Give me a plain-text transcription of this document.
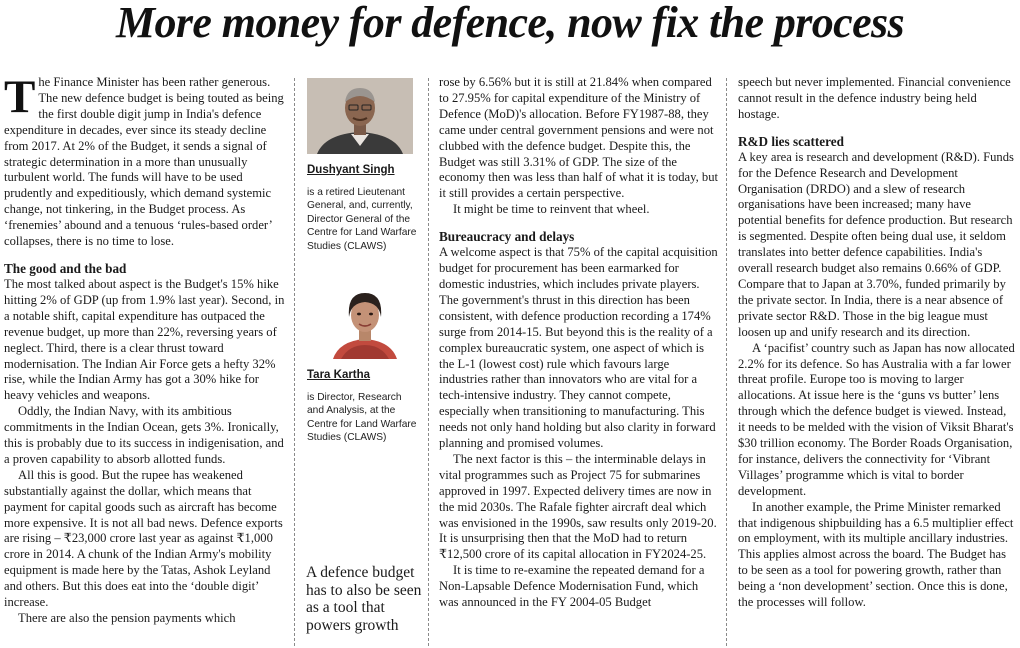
More money for defence, now fix the process

The Finance Minister has been rather generous. The new defence budget is being touted as being the first double digit jump in India's defence expenditure in decades, ever since its steady decline from 2017. At 2% of the Budget, it sends a signal of strategic determination in a more than unusually turbulent world. The funds will have to be used prudently and expeditiously, which demand systemic change, not tinkering, in the Budget process. As ‘frenemies’ abound and a tenuous ‘rules-based order’ collapses, there is no time to lose.

The good and the bad

The most talked about aspect is the Budget's 15% hike hitting 2% of GDP (up from 1.9% last year). Second, in a notable shift, capital expenditure has outpaced the revenue budget, up more than 22%, reversing years of neglect. Third, there is a clear thrust toward modernisation. The Indian Air Force gets a hefty 32% rise, while the Indian Army has got a 30% hike for heavy vehicles and weapons.

Oddly, the Indian Navy, with its ambitious commitments in the Indian Ocean, gets 3%. Ironically, this is probably due to its success in indigenisation, and a proven capability to absorb allotted funds.

All this is good. But the rupee has weakened substantially against the dollar, which means that payment for capital goods such as aircraft has become more expensive. It is not all bad news. Defence exports are rising – ₹23,000 crore last year as against ₹1,000 crore in 2014. A chunk of the Indian Army's mobility equipment is made here by the Tatas, Ashok Leyland and others. But this does eat into the ‘double digit’ increase.

There are also the pension payments which

Dushyant Singh
is a retired Lieutenant General, and, currently, Director General of the Centre for Land Warfare Studies (CLAWS)
Tara Kartha
is Director, Research and Analysis, at the Centre for Land Warfare Studies (CLAWS)
A defence budget has to also be seen as a tool that powers growth

rose by 6.56% but it is still at 21.84% when compared to 27.95% for capital expenditure of the Ministry of Defence (MoD)'s allocation. Before FY1987-88, they came under central government pensions and were not clubbed with the defence budget. Despite this, the Budget was still 3.31% of GDP. The size of the economy then was less than half of what it is today, but it still provides a certain perspective.

It might be time to reinvent that wheel.

Bureaucracy and delays

A welcome aspect is that 75% of the capital acquisition budget for procurement has been earmarked for domestic industries, which includes private players. The government's thrust in this direction has been consistent, with defence production recording a 174% surge from 2014-15. But beyond this is the reality of a complex bureaucratic system, one aspect of which is the L-1 (lowest cost) rule which favours large industries rather than innovators who are vital for a tech-intensive industry. They cannot compete, especially when transitioning to manufacturing. This needs not only hand holding but also clarity in forward planning and promised volumes.

The next factor is this – the interminable delays in vital programmes such as Project 75 for submarines approved in 1997. Expected delivery times are now in the mid 2030s. The Rafale fighter aircraft deal which was envisioned in the 1990s, saw results only 2019-20. It is unsurprising then that the MoD had to return ₹12,500 crore of its capital allocation in FY2024-25.

It is time to re-examine the repeated demand for a Non-Lapsable Defence Modernisation Fund, which was announced in the FY 2004-05 Budget

speech but never implemented. Financial convenience cannot result in the defence industry being held hostage.

R&D lies scattered

A key area is research and development (R&D). Funds for the Defence Research and Development Organisation (DRDO) and a slew of research organisations have been increased; many have potential benefits for defence production. But research is segmented. Despite often being dual use, it seldom translates into better defence capabilities. India's overall research budget also remains 0.66% of GDP. Compare that to Japan at 3.70%, funded primarily by the private sector. In India, there is a near absence of private sector R&D. Those in the big league must loosen up and unify research and its direction.

A ‘pacifist’ country such as Japan has now allocated 2.2% for its defence. So has Australia with a far lower threat profile. Europe too is moving to larger allocations. At issue here is the ‘guns vs butter’ lens through which the defence budget is viewed. Instead, it needs to be melded with the vision of Viksit Bharat's $30 trillion economy. The Border Roads Organisation, for instance, delivers the connectivity for ‘Vibrant Villages’ programme which is vital to border development.

In another example, the Prime Minister remarked that indigenous shipbuilding has a 6.5 multiplier effect on employment, with its multiple ancillary industries. This applies almost across the board. The Budget has to be seen as a tool for powering growth, rather than being a ‘non development’ section. Once this is done, the processes will follow.
